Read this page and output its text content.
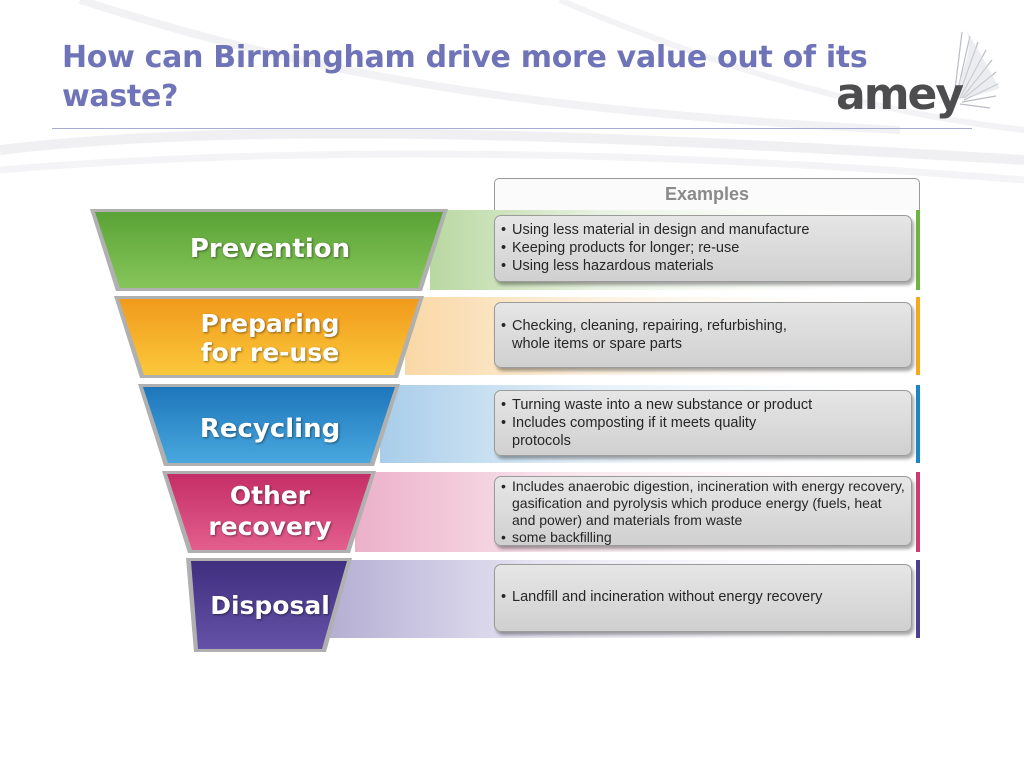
How can Birmingham drive more value out of its waste?	amey
Prevention
Preparing
for re-use
Recycling
Other
recovery
Disposal
Examples
• Using less material in design and manufacture
• Keeping products for longer; re-use
• Using less hazardous materials
• Checking, cleaning, repairing, refurbishing, whole items or spare parts
• Turning waste into a new substance or product
• Includes composting if it meets quality protocols
• Includes anaerobic digestion, incineration with energy recovery, gasification and pyrolysis which produce energy (fuels, heat and power) and materials from waste
• some backfilling
• Landfill and incineration without energy recovery
